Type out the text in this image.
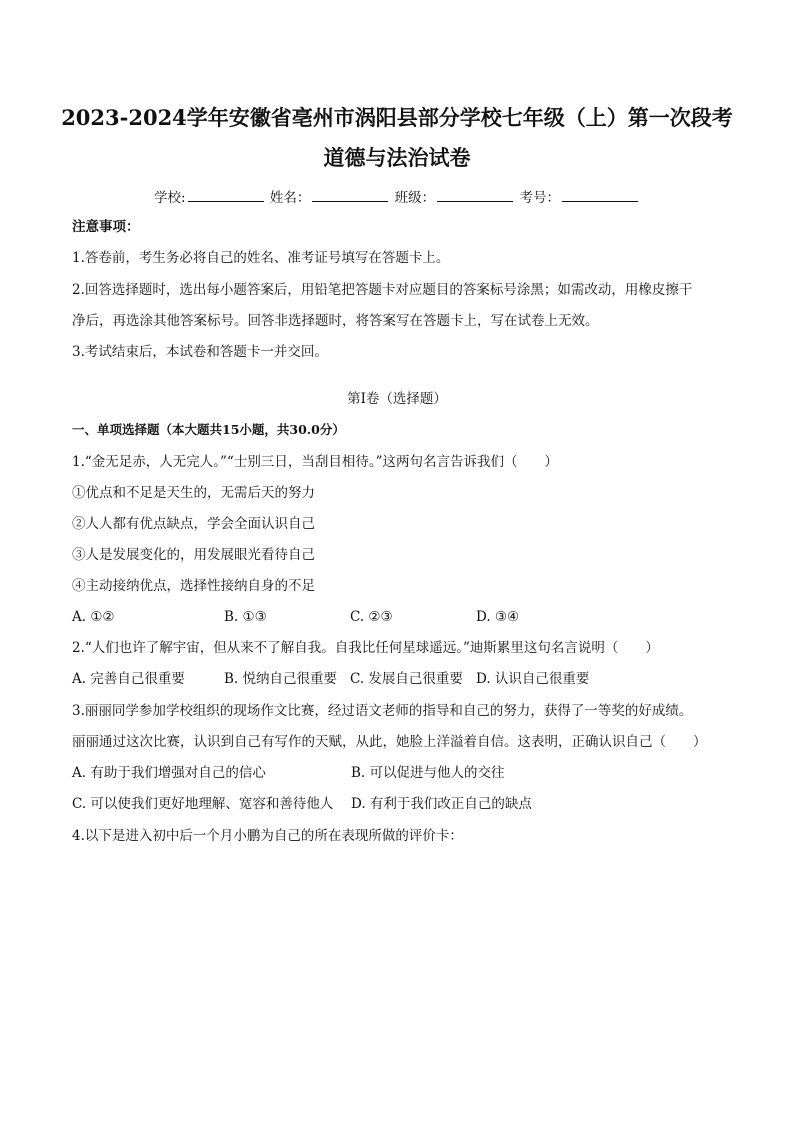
2023-2024学年安徽省亳州市涡阳县部分学校七年级（上）第一次段考

道德与法治试卷

学校:	姓名：	班级：	考号：
注意事项：
1.答卷前，考生务必将自己的姓名、准考证号填写在答题卡上。
2.回答选择题时，选出每小题答案后，用铅笔把答题卡对应题目的答案标号涂黑；如需改动，用橡皮擦干
净后，再选涂其他答案标号。回答非选择题时，将答案写在答题卡上，写在试卷上无效。
3.考试结束后，本试卷和答题卡一并交回。
第Ⅰ卷（选择题）
一、单项选择题（本大题共15小题，共30.0分）
1.“金无足赤，人无完人。”“士别三日，当刮目相待。”这两句名言告诉我们（　　）
①优点和不足是天生的，无需后天的努力
②人人都有优点缺点，学会全面认识自己
③人是发展变化的，用发展眼光看待自己
④主动接纳优点，选择性接纳自身的不足
A. ①②	B. ①③	C. ②③	D. ③④
2.“人们也许了解宇宙，但从来不了解自我。自我比任何星球遥远。”迪斯累里这句名言说明（　　）
A. 完善自己很重要	B. 悦纳自己很重要 C. 发展自己很重要 D. 认识自己很重要
3.丽丽同学参加学校组织的现场作文比赛，经过语文老师的指导和自己的努力，获得了一等奖的好成绩。
丽丽通过这次比赛，认识到自己有写作的天赋，从此，她脸上洋溢着自信。这表明，正确认识自己（　　）
A. 有助于我们增强对自己的信心	B. 可以促进与他人的交往
C. 可以使我们更好地理解、宽容和善待他人 D. 有利于我们改正自己的缺点
4.以下是进入初中后一个月小鹏为自己的所在表现所做的评价卡：
